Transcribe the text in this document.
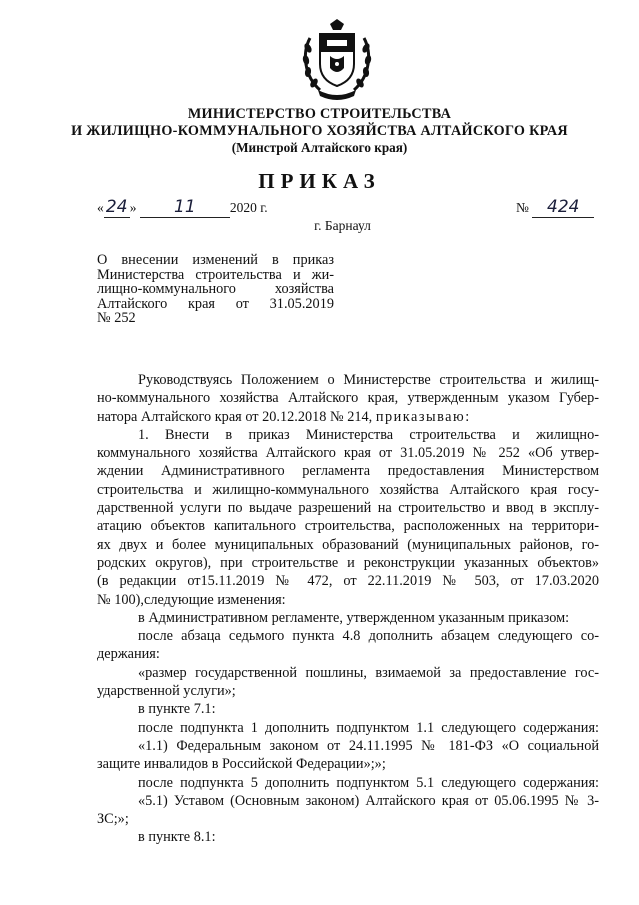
МИНИСТЕРСТВО СТРОИТЕЛЬСТВА
И ЖИЛИЩНО-КОММУНАЛЬНОГО ХОЗЯЙСТВА АЛТАЙСКОГО КРАЯ
(Минстрой Алтайского края)
ПРИКАЗ
« 24 » 11	2020 г.	№ 424
г. Барнаул
О внесении изменений в приказ
Министерства строительства и жи-
лищно-коммунального хозяйства
Алтайского края от 31.05.2019
№ 252
Руководствуясь Положением о Министерстве строительства и жилищ-
но-коммунального хозяйства Алтайского края, утвержденным указом Губер-
натора Алтайского края от 20.12.2018 № 214, приказываю:
1. Внести в приказ Министерства строительства и жилищно-
коммунального хозяйства Алтайского края от 31.05.2019 № 252 «Об утвер-
ждении Административного регламента предоставления Министерством
строительства и жилищно-коммунального хозяйства Алтайского края госу-
дарственной услуги по выдаче разрешений на строительство и ввод в эксплу-
атацию объектов капитального строительства, расположенных на территори-
ях двух и более муниципальных образований (муниципальных районов, го-
родских округов), при строительстве и реконструкции указанных объектов»
(в редакции от15.11.2019 № 472, от 22.11.2019 № 503, от 17.03.2020
№ 100),следующие изменения:
в Административном регламенте, утвержденном указанным приказом:
после абзаца седьмого пункта 4.8 дополнить абзацем следующего со-
держания:
«размер государственной пошлины, взимаемой за предоставление гос-
ударственной услуги»;
в пункте 7.1:
после подпункта 1 дополнить подпунктом 1.1 следующего содержания:
«1.1) Федеральным законом от 24.11.1995 № 181-ФЗ «О социальной
защите инвалидов в Российской Федерации»;»;
после подпункта 5 дополнить подпунктом 5.1 следующего содержания:
«5.1) Уставом (Основным законом) Алтайского края от 05.06.1995 № 3-
ЗС;»;
в пункте 8.1:
